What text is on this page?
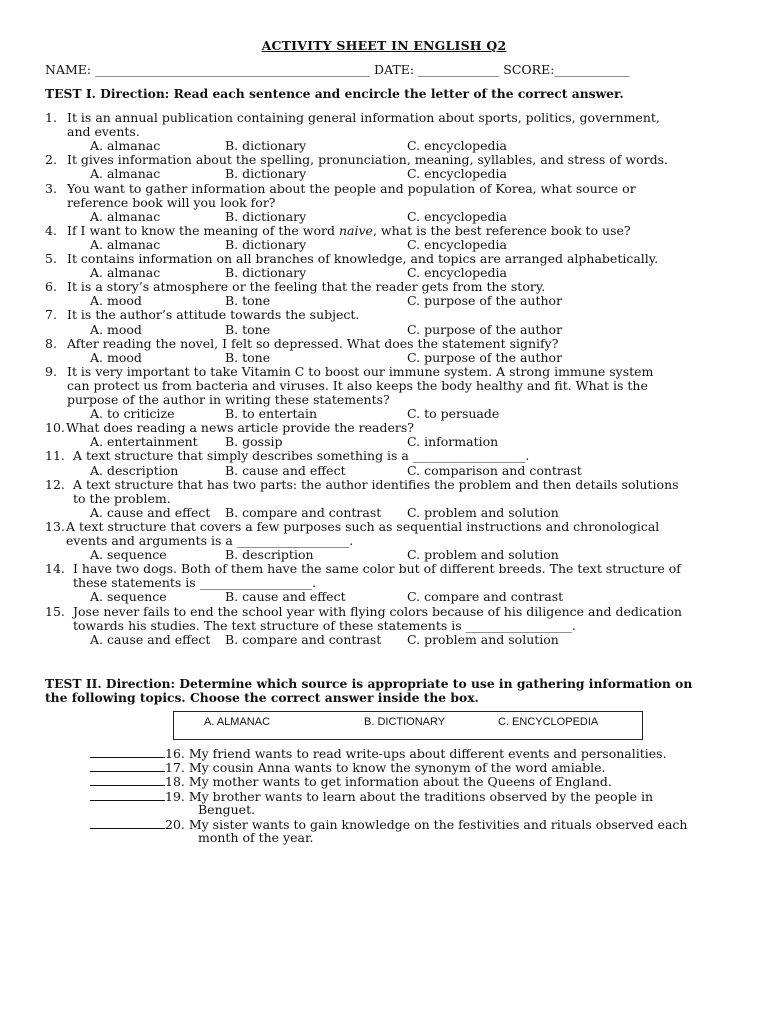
ACTIVITY SHEET IN ENGLISH Q2
NAME: ____________________________________________ DATE: _____________ SCORE:____________
TEST I. Direction: Read each sentence and encircle the letter of the correct answer.
1. It is an annual publication containing general information about sports, politics, government,
and events.
A. almanac	B. dictionary	C. encyclopedia
2. It gives information about the spelling, pronunciation, meaning, syllables, and stress of words.
A. almanac	B. dictionary	C. encyclopedia
3. You want to gather information about the people and population of Korea, what source or
reference book will you look for?
A. almanac	B. dictionary	C. encyclopedia
4. If I want to know the meaning of the word naive, what is the best reference book to use?
A. almanac	B. dictionary	C. encyclopedia
5. It contains information on all branches of knowledge, and topics are arranged alphabetically.
A. almanac	B. dictionary	C. encyclopedia
6. It is a story’s atmosphere or the feeling that the reader gets from the story.
A. mood	B. tone	C. purpose of the author
7. It is the author’s attitude towards the subject.
A. mood	B. tone	C. purpose of the author
8. After reading the novel, I felt so depressed. What does the statement signify?
A. mood	B. tone	C. purpose of the author
9. It is very important to take Vitamin C to boost our immune system. A strong immune system
can protect us from bacteria and viruses. It also keeps the body healthy and fit. What is the
purpose of the author in writing these statements?
A. to criticize	B. to entertain	C. to persuade
10. What does reading a news article provide the readers?
A. entertainment B. gossip	C. information
11. A text structure that simply describes something is a __________________.
A. description	B. cause and effect	C. comparison and contrast
12. A text structure that has two parts: the author identifies the problem and then details solutions
to the problem.
A. cause and effect B. compare and contrast C. problem and solution
13. A text structure that covers a few purposes such as sequential instructions and chronological
events and arguments is a __________________.
A. sequence	B. description	C. problem and solution
14. I have two dogs. Both of them have the same color but of different breeds. The text structure of
these statements is __________________.
A. sequence	B. cause and effect	C. compare and contrast
15. Jose never fails to end the school year with flying colors because of his diligence and dedication
towards his studies. The text structure of these statements is _________________.
A. cause and effect B. compare and contrast C. problem and solution
TEST II. Direction: Determine which source is appropriate to use in gathering information on
the following topics. Choose the correct answer inside the box.
A. ALMANAC	B. DICTIONARY	C. ENCYCLOPEDIA
16. My friend wants to read write-ups about different events and personalities.
17. My cousin Anna wants to know the synonym of the word amiable.
18. My mother wants to get information about the Queens of England.
19. My brother wants to learn about the traditions observed by the people in
Benguet.
20. My sister wants to gain knowledge on the festivities and rituals observed each
month of the year.
